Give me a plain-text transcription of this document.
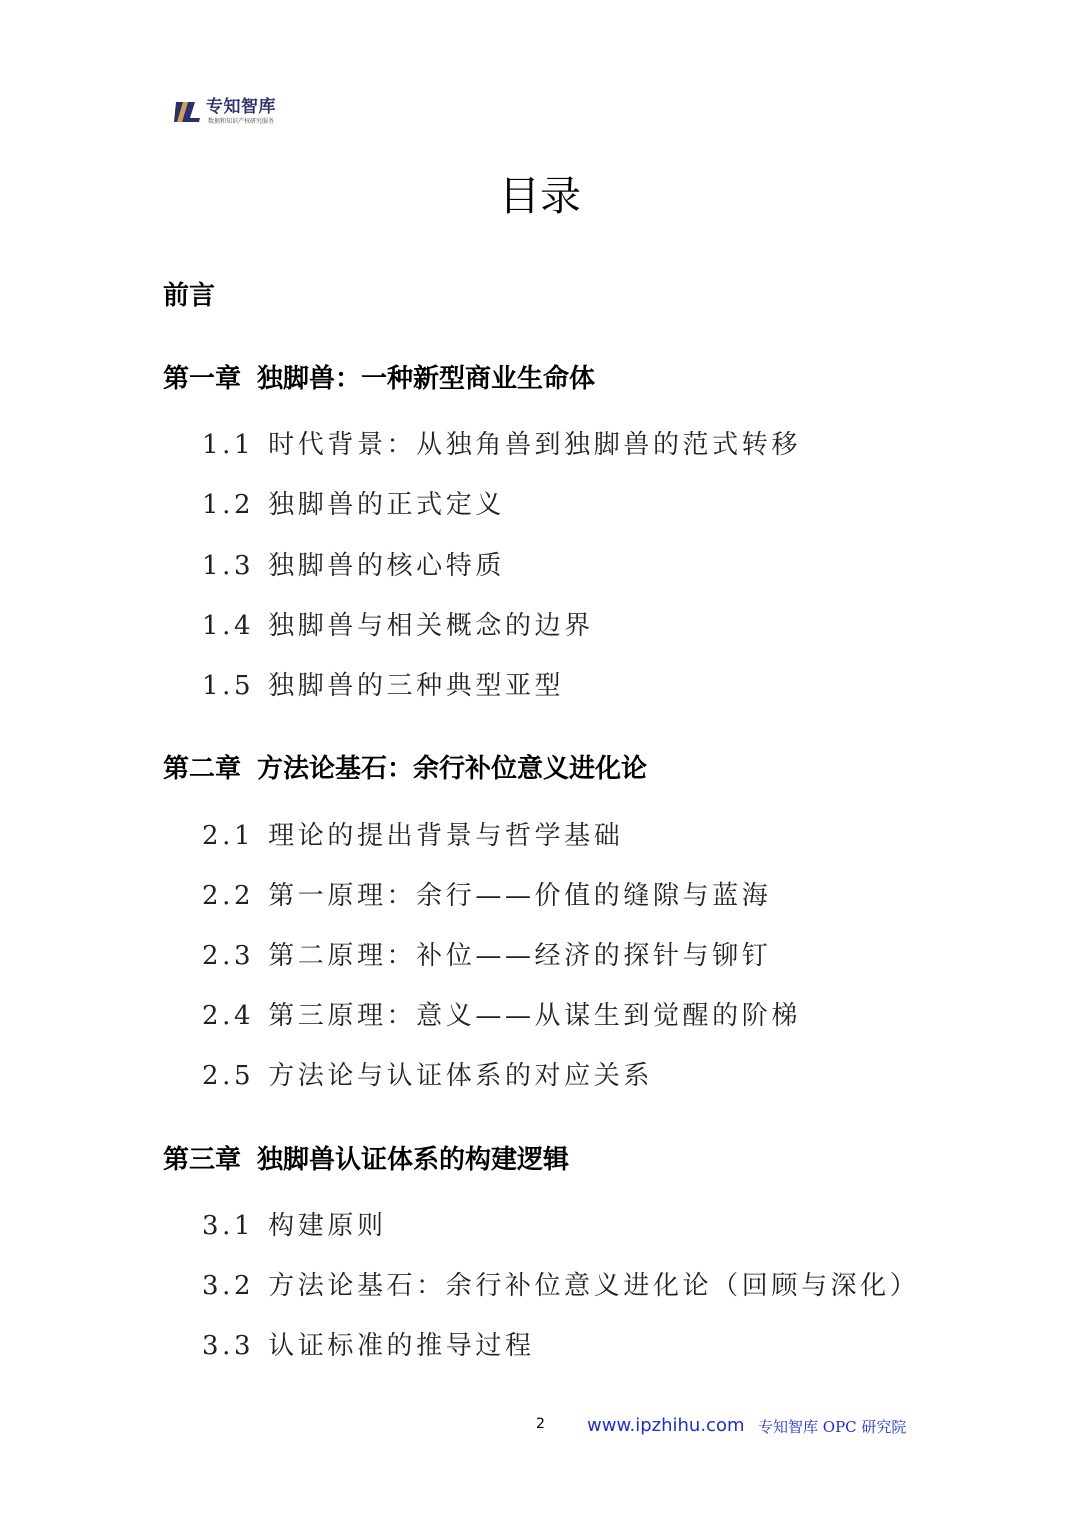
专知智库
数据和知识产权研究服务
目录
前言
第一章 独脚兽：一种新型商业生命体
1.1 时代背景：从独角兽到独脚兽的范式转移
1.2 独脚兽的正式定义
1.3 独脚兽的核心特质
1.4 独脚兽与相关概念的边界
1.5 独脚兽的三种典型亚型
第二章 方法论基石：余行补位意义进化论
2.1 理论的提出背景与哲学基础
2.2 第一原理：余行——价值的缝隙与蓝海
2.3 第二原理：补位——经济的探针与铆钉
2.4 第三原理：意义——从谋生到觉醒的阶梯
2.5 方法论与认证体系的对应关系
第三章 独脚兽认证体系的构建逻辑
3.1 构建原则
3.2 方法论基石：余行补位意义进化论（回顾与深化）
3.3 认证标准的推导过程
2 www.ipzhihu.com 专知智库 OPC 研究院
